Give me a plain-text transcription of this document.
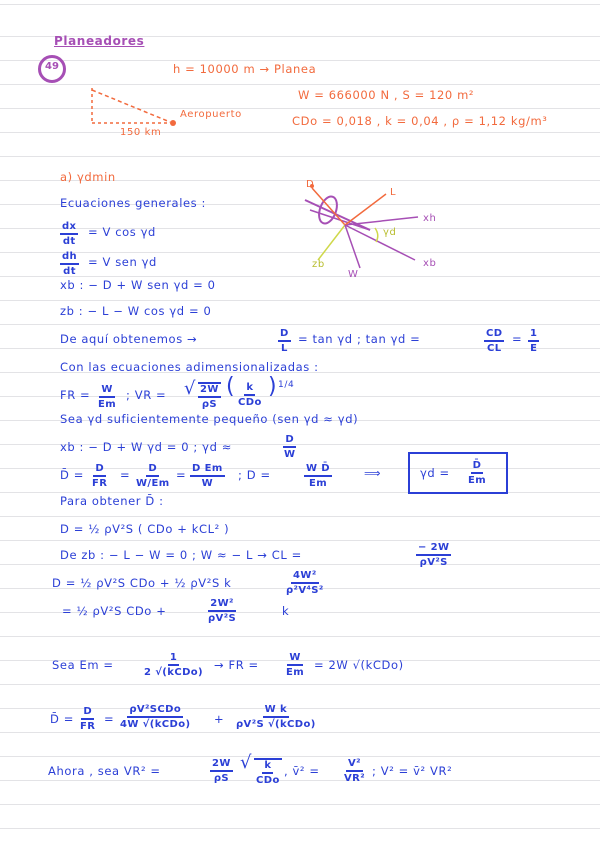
Planeadores
49	h = 10000 m → Planea
W = 666000 N , S = 120 m²
CDo = 0,018 , k = 0,04 , ρ = 1,12 kg/m³
150 km
Aeropuerto
a) γdmin
Ecuaciones generales :
L
D
xh
γd
zb	xb
W
$\frac{dx}{dt} = V$ cos γd
$\frac{dh}{dt} = V$ sen γd
xb : − D + W sen γd = 0
zb : − L − W cos γd = 0
De aquí obtenemos →	$\frac{D}{L} = \tan \gamma d$ ; tan γd =	$\frac{CD}{CL} = \frac{1}{E}$
Con las ecuaciones adimensionalizadas :
FR = $\frac{W}{Em}$ ; VR = √ $\frac{2W}{\rho S}$ ( k
CDo
) 1/4
Sea γd suficientemente pequeño (sen γd ≈ γd)
xb : − D + W γd = 0 ; γd ≈	$\frac{D}{W}$
D̄ = $\frac{D}{FR} = \frac{D}{W/Em} = \frac{\text{D Em}}{W}$ ; D =	$\frac{\text{W D̄}}{Em}$	⟹	$\gamma d = \frac{D̄}{Em}$
Para obtener D̄ :
D = ½ ρV²S ( CDo + kCL² )
De zb : − L − W = 0 ; W ≈ − L → CL =	$\frac{- 2W}{\text{ρV²S}}$
D = ½ ρV²S CDo + ½ ρV²S k	$\frac{\text{4W²}}{\text{ρ²V⁴S²}}$
= ½ ρV²S CDo +	$\frac{\text{2W²}}{\text{ρV²S}}$	k
Sea Em =
1
2 √(kCDo)
→ FR =	$\frac{W}{Em} = 2W$ √(kCDo)
D̄ = $\frac{D}{FR}$ =
ρV²SCDo
4W √(kCDo) +
W k
ρV²S √(kCDo)
Ahora , sea VR² =	$\frac{2W}{\rho S}$ √ k
CDo
, v̄² = $\frac{\text{V²}}{\text{VR²}}$ ; V² = v̄² VR²
